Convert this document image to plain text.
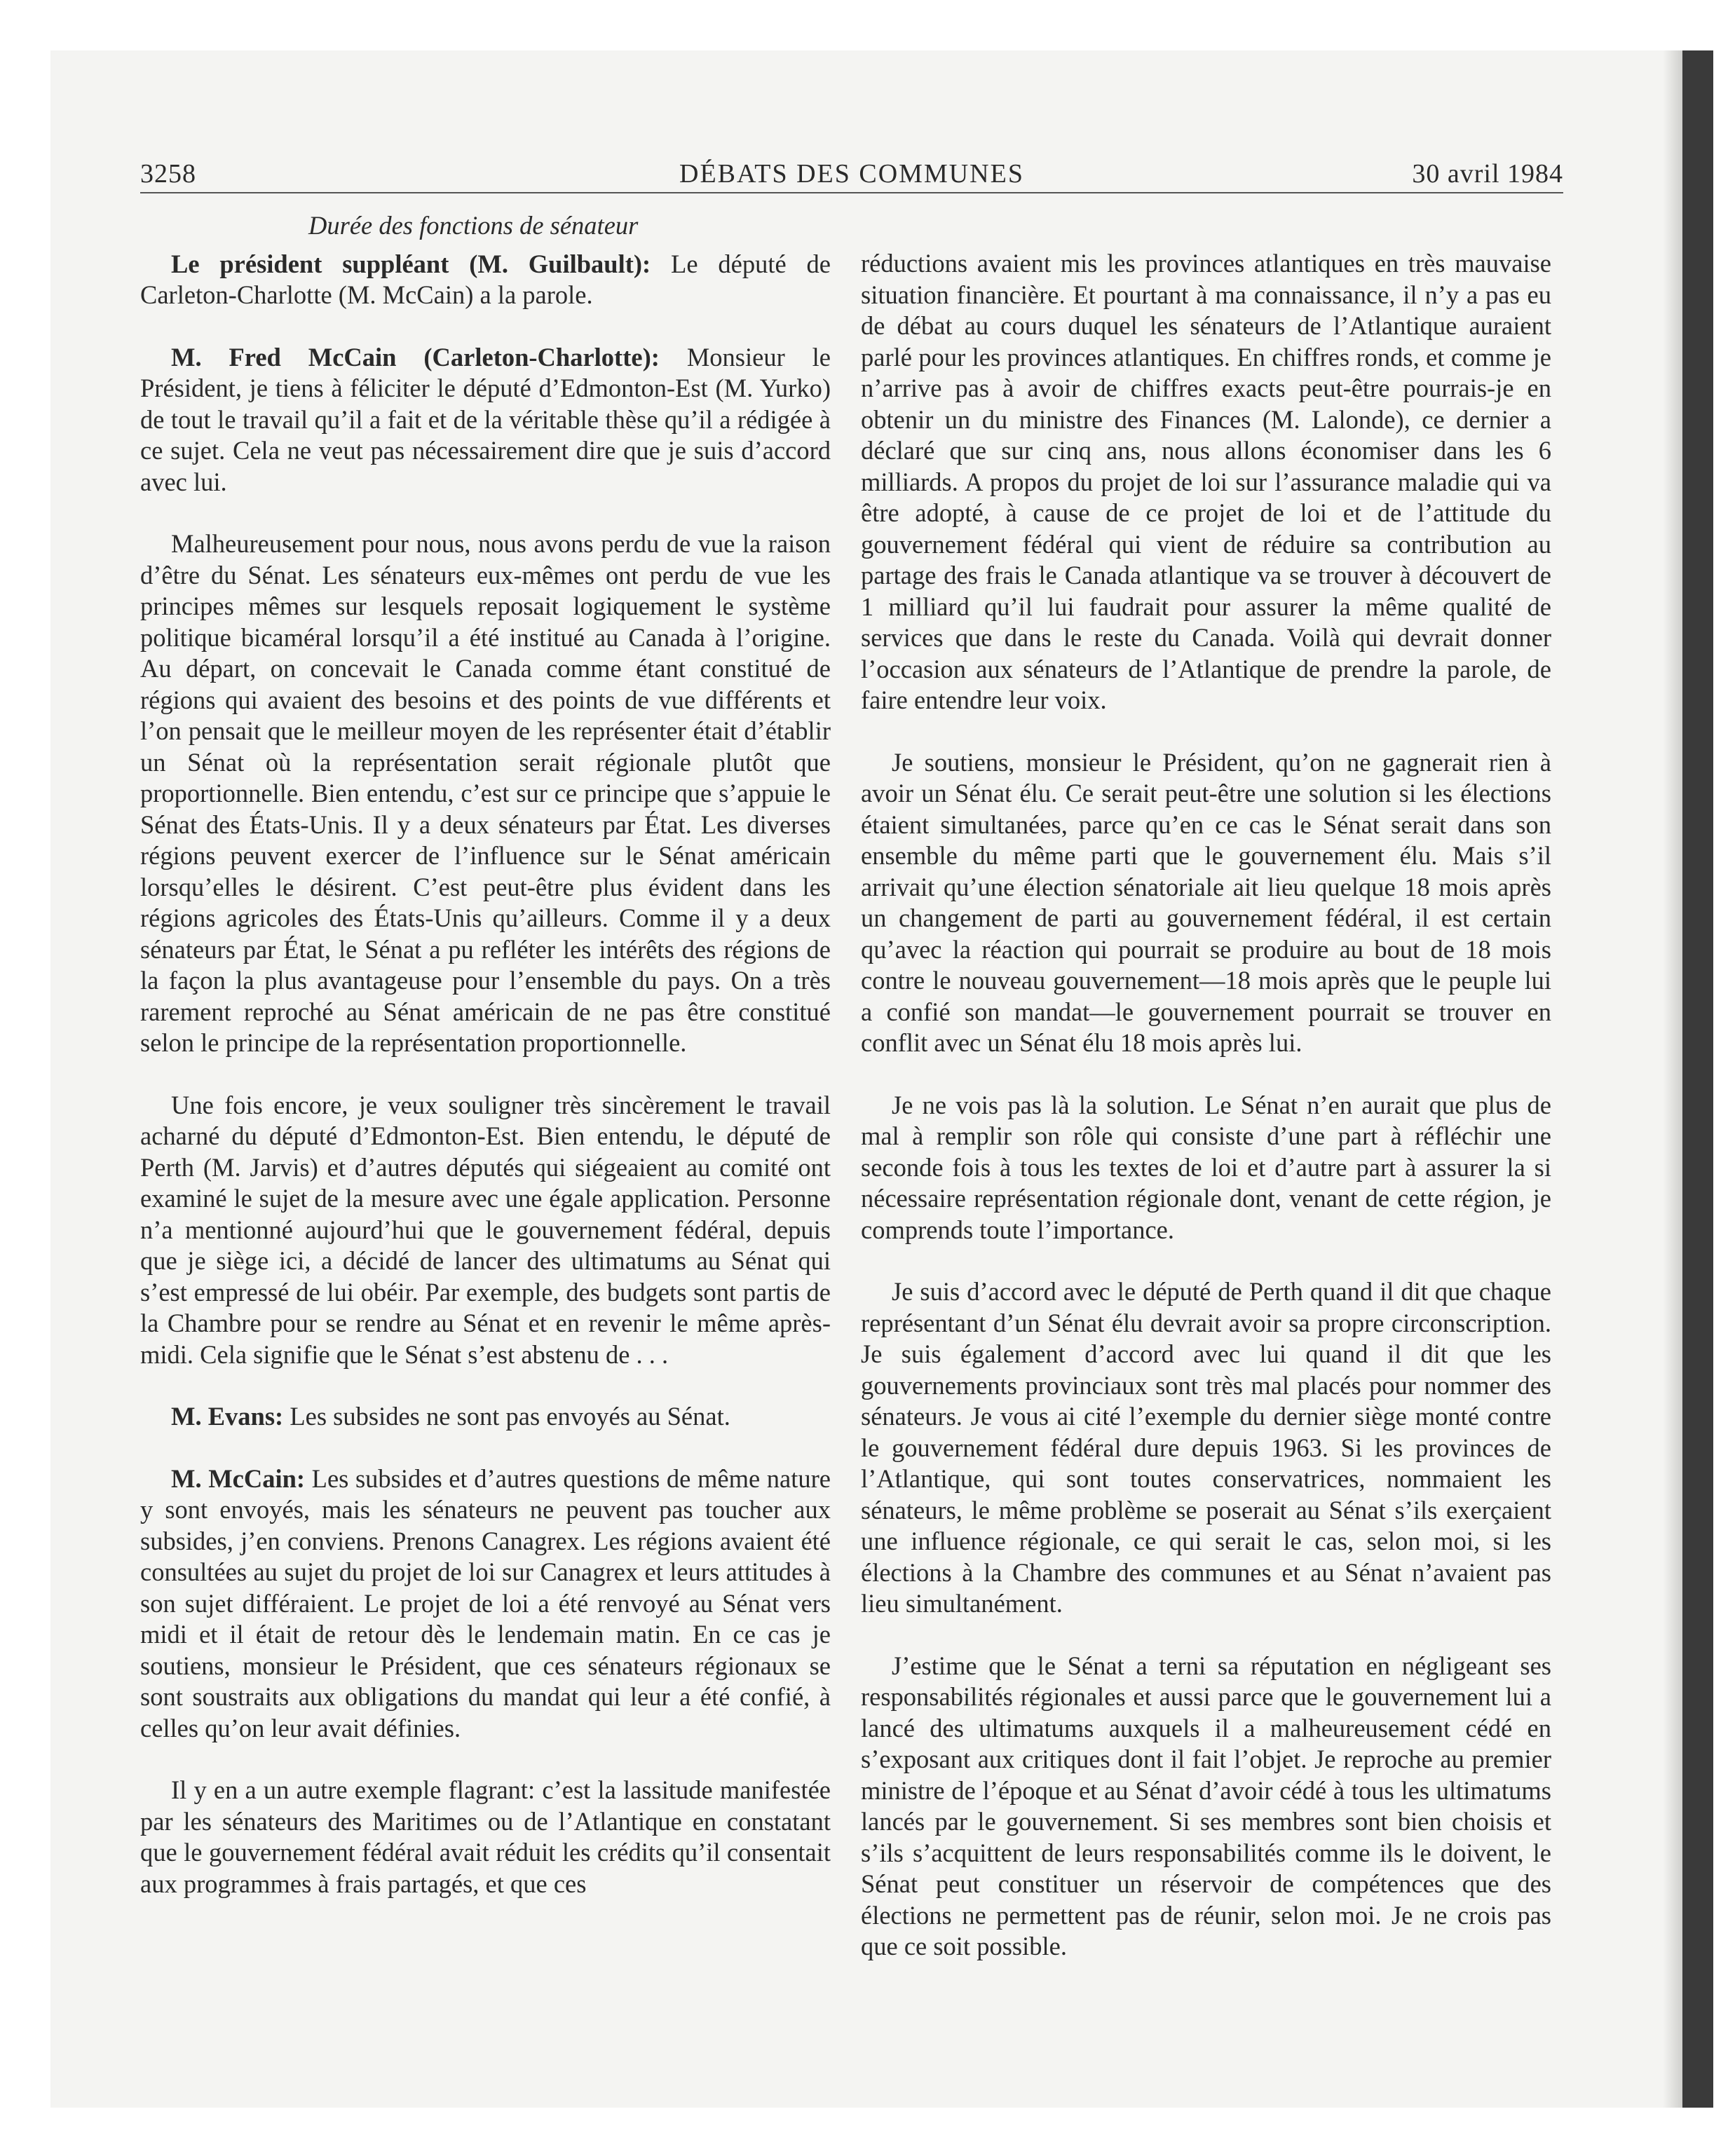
3258	DÉBATS DES COMMUNES	30 avril 1984
Durée des fonctions de sénateur

Le président suppléant (M. Guilbault): Le député de Carleton-Charlotte (M. McCain) a la parole.

M. Fred McCain (Carleton-Charlotte): Monsieur le Président, je tiens à féliciter le député d’Edmonton-Est (M. Yurko) de tout le travail qu’il a fait et de la véritable thèse qu’il a rédigée à ce sujet. Cela ne veut pas nécessairement dire que je suis d’accord avec lui.

Malheureusement pour nous, nous avons perdu de vue la raison d’être du Sénat. Les sénateurs eux-mêmes ont perdu de vue les principes mêmes sur lesquels reposait logiquement le système politique bicaméral lorsqu’il a été institué au Canada à l’origine. Au départ, on concevait le Canada comme étant constitué de régions qui avaient des besoins et des points de vue différents et l’on pensait que le meilleur moyen de les représenter était d’établir un Sénat où la représentation serait régionale plutôt que proportionnelle. Bien entendu, c’est sur ce principe que s’appuie le Sénat des États-Unis. Il y a deux sénateurs par État. Les diverses régions peuvent exercer de l’influence sur le Sénat américain lorsqu’elles le désirent. C’est peut-être plus évident dans les régions agricoles des États-Unis qu’ailleurs. Comme il y a deux sénateurs par État, le Sénat a pu refléter les intérêts des régions de la façon la plus avantageuse pour l’ensemble du pays. On a très rarement reproché au Sénat américain de ne pas être constitué selon le principe de la représentation proportionnelle.

Une fois encore, je veux souligner très sincèrement le travail acharné du député d’Edmonton-Est. Bien entendu, le député de Perth (M. Jarvis) et d’autres députés qui siégeaient au comité ont examiné le sujet de la mesure avec une égale application. Personne n’a mentionné aujourd’hui que le gouvernement fédéral, depuis que je siège ici, a décidé de lancer des ultimatums au Sénat qui s’est empressé de lui obéir. Par exemple, des budgets sont partis de la Chambre pour se rendre au Sénat et en revenir le même après-midi. Cela signifie que le Sénat s’est abstenu de . . .

M. Evans: Les subsides ne sont pas envoyés au Sénat.

M. McCain: Les subsides et d’autres questions de même nature y sont envoyés, mais les sénateurs ne peuvent pas toucher aux subsides, j’en conviens. Prenons Canagrex. Les régions avaient été consultées au sujet du projet de loi sur Canagrex et leurs attitudes à son sujet différaient. Le projet de loi a été renvoyé au Sénat vers midi et il était de retour dès le lendemain matin. En ce cas je soutiens, monsieur le Président, que ces sénateurs régionaux se sont soustraits aux obligations du mandat qui leur a été confié, à celles qu’on leur avait définies.

Il y en a un autre exemple flagrant: c’est la lassitude manifestée par les sénateurs des Maritimes ou de l’Atlantique en constatant que le gouvernement fédéral avait réduit les crédits qu’il consentait aux programmes à frais partagés, et que ces

réductions avaient mis les provinces atlantiques en très mauvaise situation financière. Et pourtant à ma connaissance, il n’y a pas eu de débat au cours duquel les sénateurs de l’Atlantique auraient parlé pour les provinces atlantiques. En chiffres ronds, et comme je n’arrive pas à avoir de chiffres exacts peut-être pourrais-je en obtenir un du ministre des Finances (M. Lalonde), ce dernier a déclaré que sur cinq ans, nous allons économiser dans les 6 milliards. A propos du projet de loi sur l’assurance maladie qui va être adopté, à cause de ce projet de loi et de l’attitude du gouvernement fédéral qui vient de réduire sa contribution au partage des frais le Canada atlantique va se trouver à découvert de 1 milliard qu’il lui faudrait pour assurer la même qualité de services que dans le reste du Canada. Voilà qui devrait donner l’occasion aux sénateurs de l’Atlantique de prendre la parole, de faire entendre leur voix.

Je soutiens, monsieur le Président, qu’on ne gagnerait rien à avoir un Sénat élu. Ce serait peut-être une solution si les élections étaient simultanées, parce qu’en ce cas le Sénat serait dans son ensemble du même parti que le gouvernement élu. Mais s’il arrivait qu’une élection sénatoriale ait lieu quelque 18 mois après un changement de parti au gouvernement fédéral, il est certain qu’avec la réaction qui pourrait se produire au bout de 18 mois contre le nouveau gouvernement—18 mois après que le peuple lui a confié son mandat—le gouvernement pourrait se trouver en conflit avec un Sénat élu 18 mois après lui.

Je ne vois pas là la solution. Le Sénat n’en aurait que plus de mal à remplir son rôle qui consiste d’une part à réfléchir une seconde fois à tous les textes de loi et d’autre part à assurer la si nécessaire représentation régionale dont, venant de cette région, je comprends toute l’importance.

Je suis d’accord avec le député de Perth quand il dit que chaque représentant d’un Sénat élu devrait avoir sa propre circonscription. Je suis également d’accord avec lui quand il dit que les gouvernements provinciaux sont très mal placés pour nommer des sénateurs. Je vous ai cité l’exemple du dernier siège monté contre le gouvernement fédéral dure depuis 1963. Si les provinces de l’Atlantique, qui sont toutes conservatrices, nommaient les sénateurs, le même problème se poserait au Sénat s’ils exerçaient une influence régionale, ce qui serait le cas, selon moi, si les élections à la Chambre des communes et au Sénat n’avaient pas lieu simultanément.

J’estime que le Sénat a terni sa réputation en négligeant ses responsabilités régionales et aussi parce que le gouvernement lui a lancé des ultimatums auxquels il a malheureusement cédé en s’exposant aux critiques dont il fait l’objet. Je reproche au premier ministre de l’époque et au Sénat d’avoir cédé à tous les ultimatums lancés par le gouvernement. Si ses membres sont bien choisis et s’ils s’acquittent de leurs responsabilités comme ils le doivent, le Sénat peut constituer un réservoir de compétences que des élections ne permettent pas de réunir, selon moi. Je ne crois pas que ce soit possible.
